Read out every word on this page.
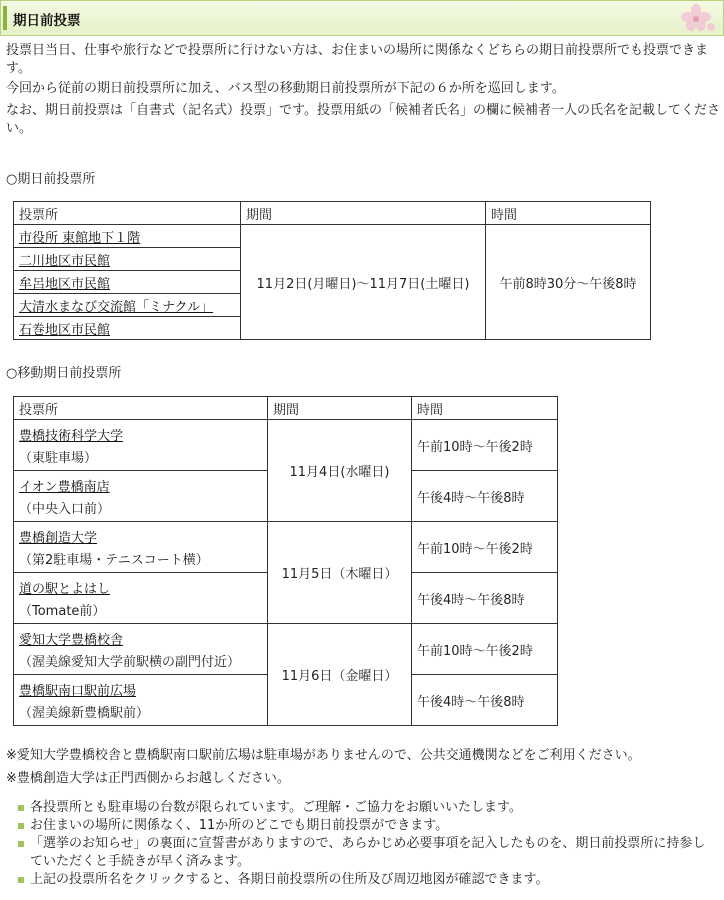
期日前投票

投票日当日、仕事や旅行などで投票所に行けない方は、お住まいの場所に関係なくどちらの期日前投票所でも投票できます。

今回から従前の期日前投票所に加え、バス型の移動期日前投票所が下記の６か所を巡回します。

なお、期日前投票は「自書式（記名式）投票」です。投票用紙の「候補者氏名」の欄に候補者一人の氏名を記載してください。

○期日前投票所

投票所	期間	時間
市役所 東館地下１階	11月2日(月曜日)～11月7日(土曜日)	午前8時30分～午後8時
二川地区市民館		
牟呂地区市民館		
大清水まなび交流館「ミナクル」		
石巻地区市民館		

○移動期日前投票所

投票所	期間	時間
豊橋技術科学大学
（東駐車場）	11月4日(水曜日)	午前10時～午後2時
イオン豊橋南店
（中央入口前）		午後4時～午後8時
豊橋創造大学
（第2駐車場・テニスコート横）	11月5日（木曜日）	午前10時～午後2時
道の駅とよはし
（Tomate前）		午後4時～午後8時
愛知大学豊橋校舎
（渥美線愛知大学前駅横の副門付近）	11月6日（金曜日）	午前10時～午後2時
豊橋駅南口駅前広場
（渥美線新豊橋駅前）		午後4時～午後8時

※愛知大学豊橋校舎と豊橋駅南口駅前広場は駐車場がありませんので、公共交通機関などをご利用ください。

※豊橋創造大学は正門西側からお越しください。

各投票所とも駐車場の台数が限られています。ご理解・ご協力をお願いいたします。
お住まいの場所に関係なく、11か所のどこでも期日前投票ができます。
「選挙のお知らせ」の裏面に宣誓書がありますので、あらかじめ必要事項を記入したものを、期日前投票所に持参していただくと手続きが早く済みます。
上記の投票所名をクリックすると、各期日前投票所の住所及び周辺地図が確認できます。
